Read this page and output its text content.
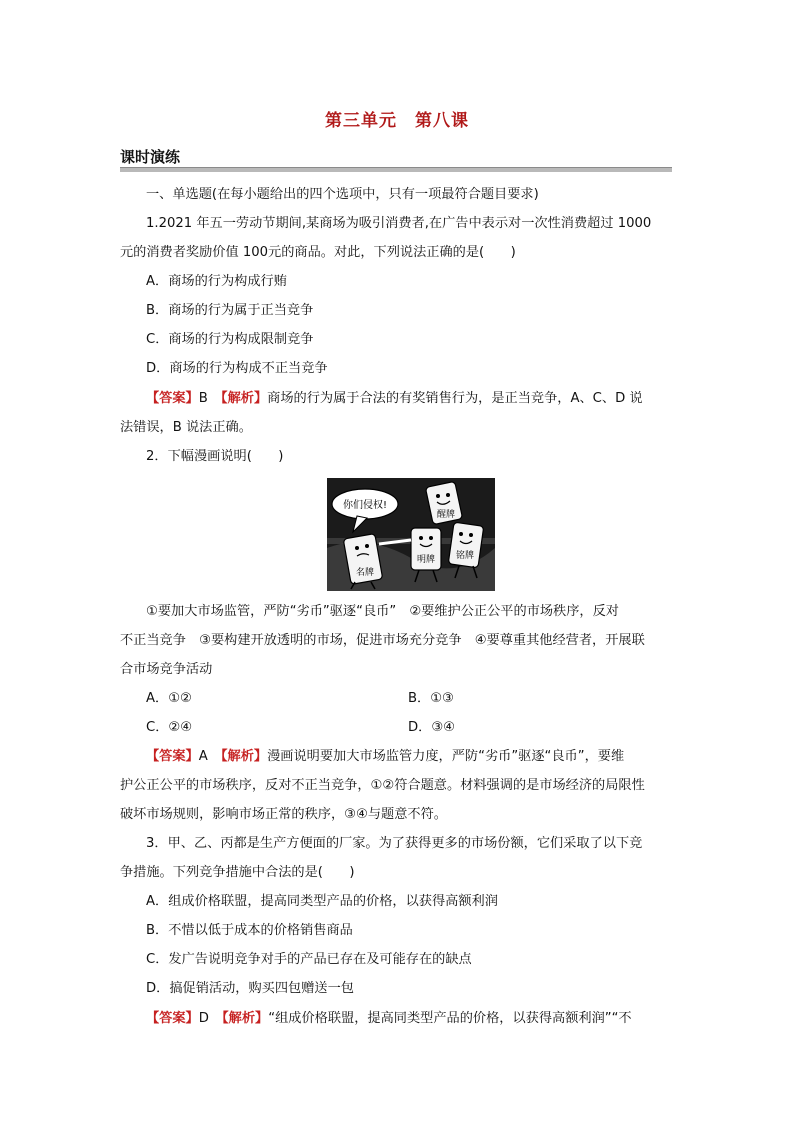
第三单元　第八课
课时演练
一、单选题(在每小题给出的四个选项中，只有一项最符合题目要求)
1.2021 年五一劳动节期间,某商场为吸引消费者,在广告中表示对一次性消费超过 1000
元的消费者奖励价值 100元的商品。对此，下列说法正确的是(　　)
A．商场的行为构成行贿
B．商场的行为属于正当竞争
C．商场的行为构成限制竞争
D．商场的行为构成不正当竞争
【答案】B　 【解析】商场的行为属于合法的有奖销售行为，是正当竞争，A、C、D 说
法错误，B 说法正确。
2．下幅漫画说明(　　)
你们侵权!
醒牌
明牌 铭牌
名牌
①要加大市场监管，严防“劣币”驱逐“良币”　②要维护公正公平的市场秩序，反对
不正当竞争　③要构建开放透明的市场，促进市场充分竞争　④要尊重其他经营者，开展联
合市场竞争活动
A．①②	B．①③
C．②④	D．③④
【答案】A　 【解析】漫画说明要加大市场监管力度，严防“劣币”驱逐“良币”，要维
护公正公平的市场秩序，反对不正当竞争，①②符合题意。材料强调的是市场经济的局限性
破坏市场规则，影响市场正常的秩序，③④与题意不符。
3．甲、乙、丙都是生产方便面的厂家。为了获得更多的市场份额，它们采取了以下竞
争措施。下列竞争措施中合法的是(　　)
A．组成价格联盟，提高同类型产品的价格，以获得高额利润
B．不惜以低于成本的价格销售商品
C．发广告说明竞争对手的产品已存在及可能存在的缺点
D．搞促销活动，购买四包赠送一包
【答案】D　 【解析】“组成价格联盟，提高同类型产品的价格，以获得高额利润”“不
